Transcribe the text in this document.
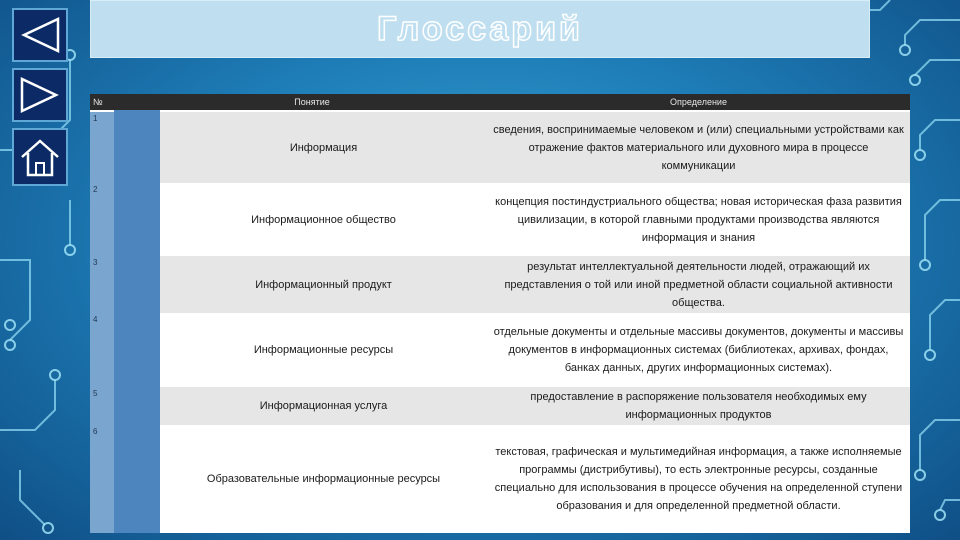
Глоссарий
№	Понятие	Определение
1	Информация	сведения, воспринимаемые человеком и (или) специальными устройствами как отражение фактов материального или духовного мира в процессе коммуникации
2	Информационное общество	концепция постиндустриального общества; новая историческая фаза развития цивилизации, в которой главными продуктами производства являются информация и знания
3	Информационный продукт	результат интеллектуальной деятельности людей, отражающий их представления о той или иной предметной области социальной активности общества.
4	Информационные ресурсы	отдельные документы и отдельные массивы документов, документы и массивы документов в информационных системах (библиотеках, архивах, фондах, банках данных, других информационных системах).
5	Информационная услуга	предоставление в распоряжение пользователя необходимых ему информационных продуктов
6	Образовательные информационные ресурсы	текстовая, графическая и мультимедийная информация, а также исполняемые программы (дистрибутивы), то есть электронные ресурсы, созданные специально для использования в процессе обучения на определенной ступени образования и для определенной предметной области.
